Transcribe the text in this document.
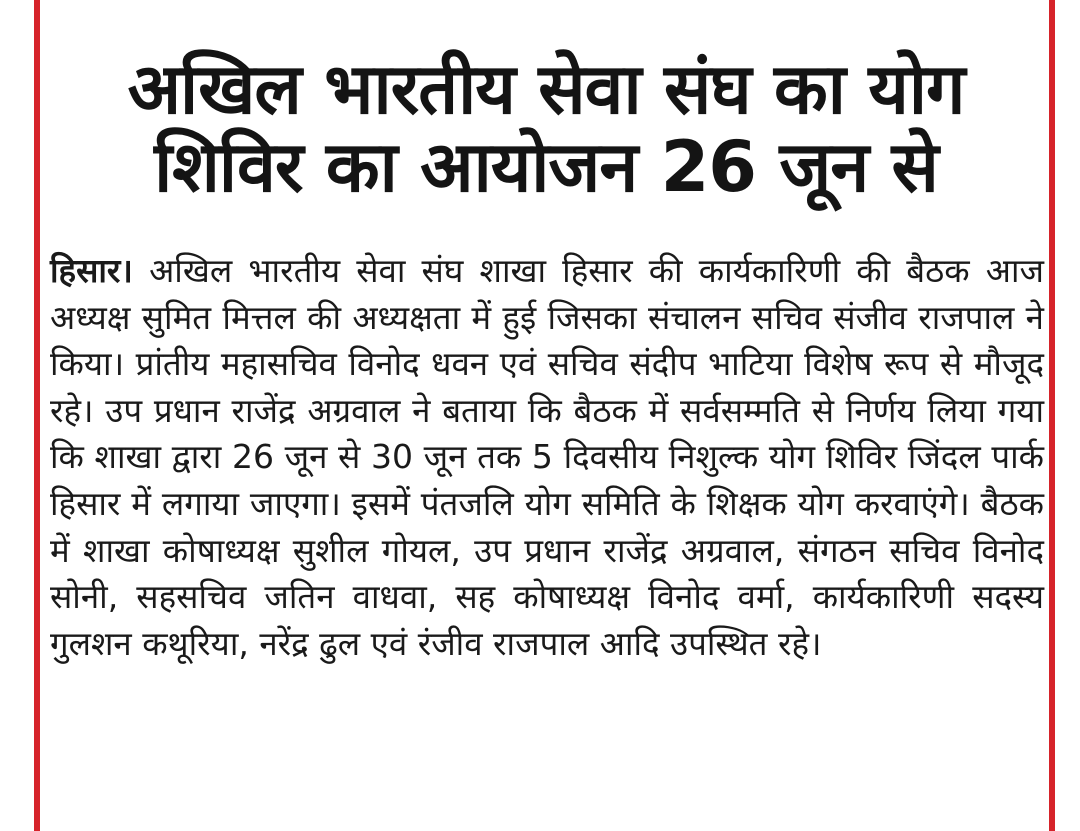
अखिल भारतीय सेवा संघ का योग
शिविर का आयोजन 26 जून से

हिसार। अखिल भारतीय सेवा संघ शाखा हिसार की कार्यकारिणी की बैठक आज अध्यक्ष सुमित मित्तल की अध्यक्षता में हुई जिसका संचालन सचिव संजीव राजपाल ने किया। प्रांतीय महासचिव विनोद धवन एवं सचिव संदीप भाटिया विशेष रूप से मौजूद रहे। उप प्रधान राजेंद्र अग्रवाल ने बताया कि बैठक में सर्वसम्मति से निर्णय लिया गया कि शाखा द्वारा 26 जून से 30 जून तक 5 दिवसीय निशुल्क योग शिविर जिंदल पार्क हिसार में लगाया जाएगा। इसमें पंतजलि योग समिति के शिक्षक योग करवाएंगे। बैठक में शाखा कोषाध्यक्ष सुशील गोयल, उप प्रधान राजेंद्र अग्रवाल, संगठन सचिव विनोद सोनी, सहसचिव जतिन वाधवा, सह कोषाध्यक्ष विनोद वर्मा, कार्यकारिणी सदस्य गुलशन कथूरिया, नरेंद्र ढुल एवं रंजीव राजपाल आदि उपस्थित रहे।
